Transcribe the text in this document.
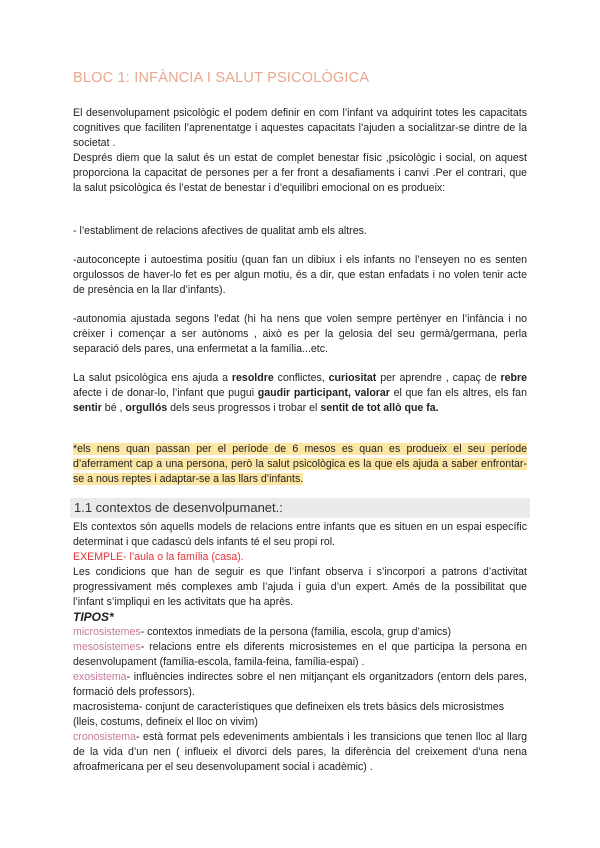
BLOC 1: INFÀNCIA I SALUT PSICOLÒGICA

El desenvolupament psicològic el podem definir en com l’infant va adquirint totes les capacitats cognitives que faciliten l’aprenentatge i aquestes capacitats l’ajuden a socialitzar-se dintre de la societat .

Després diem que la salut és un estat de complet benestar físic ,psicològic i social, on aquest proporciona la capacitat de persones per a fer front a desafiaments i canvi .Per el contrari, que la salut psicològica és l’estat de benestar i d’equilibri emocional on es produeix:

- l’establiment de relacions afectives de qualitat amb els altres.
-autoconcepte i autoestima positiu (quan fan un dibiux i els infants no l’enseyen no es senten orgulossos de haver-lo fet es per algun motiu, és a dir, que estan enfadats i no volen tenir acte de presència en la llar d’infants).
-autonomia ajustada segons l’edat (hi ha nens que volen sempre pertènyer en l’infància i no crèixer i començar a ser autònoms , això es per la gelosia del seu germà/germana, perla separació dels pares, una enfermetat a la família...etc.
La salut psicològica ens ajuda a resoldre conflictes, curiositat per aprendre , capaç de rebre afecte i de donar-lo, l’infant que pugui gaudir participant, valorar el que fan els altres, els fan sentir bé , orgullós dels seus progressos i trobar el sentit de tot allò que fa.
*els nens quan passan per el període de 6 mesos es quan es produeix el seu període d’aferrament cap a una persona, però la salut psicològica es la que els ajuda a saber enfrontar-se a nous reptes i adaptar-se a las llars d’infants.
1.1 contextos de desenvolpumanet.:

Els contextos són aquells models de relacions entre infants que es situen en un espai específic determinat i que cadascú dels infants té el seu propi rol.

EXEMPLE- l’aula o la família (casa).

Les condicions que han de seguir es que l’infant observa i s’incorpori a patrons d’activitat progressivament més complexes amb l’ajuda i guia d’un expert. Amés de la possibilitat que l’infant s’impliqui en les activitats que ha après.

TIPOS*

microsistemes- contextos inmediats de la persona (familia, escola, grup d’amics)

mesosistemes- relacions entre els diferents microsistemes en el que participa la persona en desenvolupament (família-escola, famila-feina, família-espai) .

exosistema- influències indirectes sobre el nen mitjançant els organitzadors (entorn dels pares, formació dels professors).

macrosistema- conjunt de característiques que defineixen els trets bàsics dels microsistmes (lleis, costums, defineix el lloc on vivim)

cronosistema- està format pels edeveniments ambientals i les transicions que tenen lloc al llarg de la vida d’un nen ( influeix el divorci dels pares, la diferència del creixement d’una nena afroafmericana per el seu desenvolupament social i acadèmic) .
